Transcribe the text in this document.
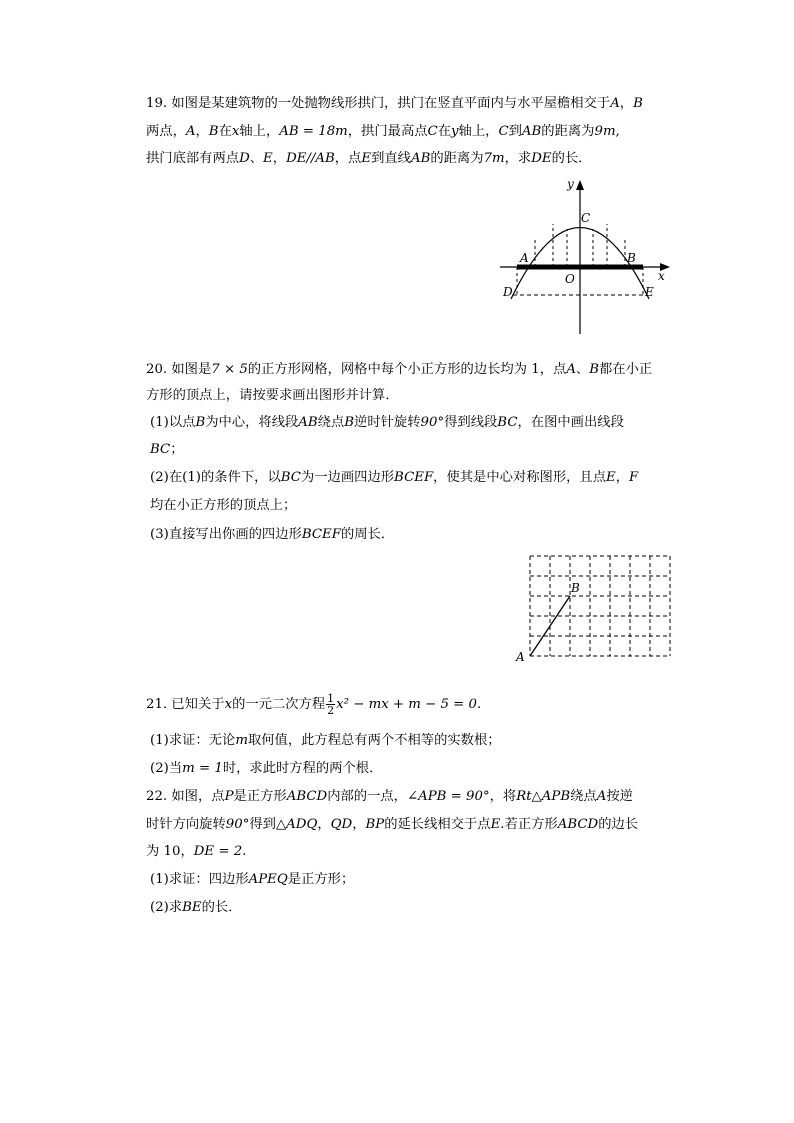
19. 如图是某建筑物的一处抛物线形拱门，拱门在竖直平面内与水平屋檐相交于A，B
两点，A，B在x轴上，AB = 18m，拱门最高点C在y轴上，C到AB的距离为9m,
拱门底部有两点D、E，DE//AB，点E到直线AB的距离为7m，求DE的长．
y
C
A	B
O	x
D	E
20. 如图是7 × 5的正方形网格，网格中每个小正方形的边长均为 1，点A、B都在小正
方形的顶点上，请按要求画出图形并计算．
(1)以点B为中心，将线段AB绕点B逆时针旋转90°得到线段BC，在图中画出线段
BC；
(2)在(1)的条件下，以BC为一边画四边形BCEF，使其是中心对称图形，且点E，F
均在小正方形的顶点上；
(3)直接写出你画的四边形BCEF的周长．
A
B
21. 已知关于x的一元二次方程 $\frac{1}{2} x^2$ − mx + m − 5 = 0.
(1)求证：无论m取何值，此方程总有两个不相等的实数根；
(2)当m = 1时，求此时方程的两个根．
22. 如图，点P是正方形ABCD内部的一点，∠APB = 90°，将Rt△APB绕点A按逆
时针方向旋转90°得到△ADQ，QD，BP的延长线相交于点E.若正方形ABCD的边长
为 10，DE = 2.
(1)求证：四边形APEQ是正方形；
(2)求BE的长．
